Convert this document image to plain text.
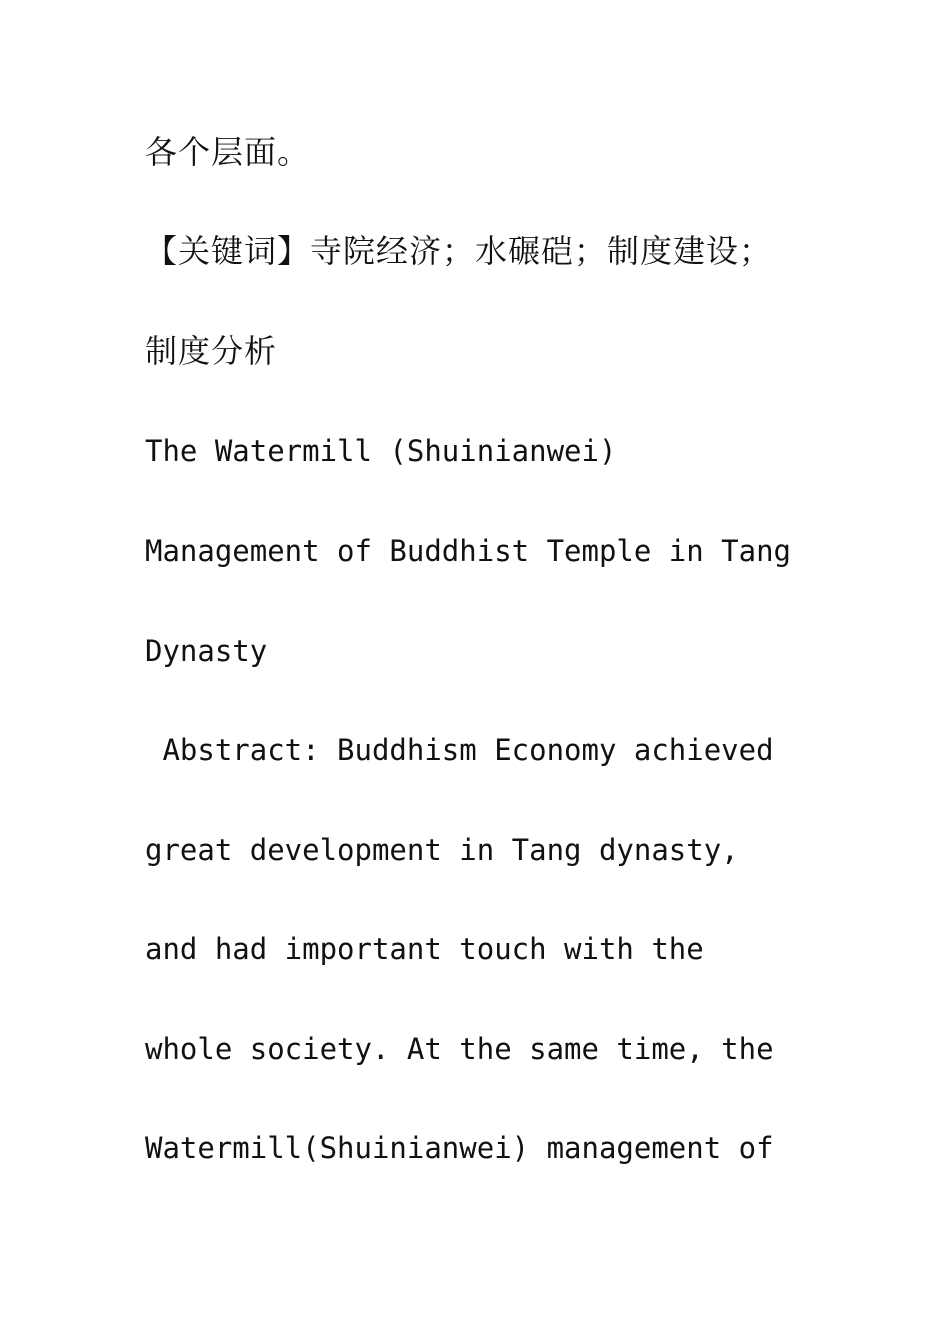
各个层面。
【关键词】寺院经济；水碾硙；制度建设；
制度分析
The Watermill (Shuinianwei)
Management of Buddhist Temple in Tang
Dynasty
Abstract: Buddhism Economy achieved
great development in Tang dynasty,
and had important touch with the
whole society. At the same time, the
Watermill(Shuinianwei) management of
